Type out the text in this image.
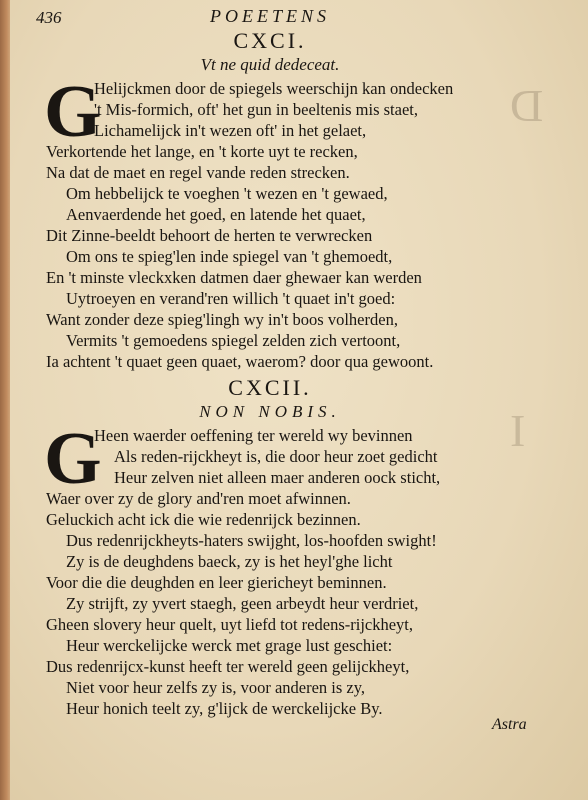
D
I
436	POEETENS
CXCI.
Vt ne quid dedeceat.
G
Helijckmen door de spiegels weerschijn kan ondecken
't Mis-formich, oft' het gun in beeltenis mis staet,
Lichamelijck in't wezen oft' in het gelaet,
Verkortende het lange, en 't korte uyt te recken,
Na dat de maet en regel vande reden strecken.
Om hebbelijck te voeghen 't wezen en 't gewaed,
Aenvaerdende het goed, en latende het quaet,
Dit Zinne-beeldt behoort de herten te verwrecken
Om ons te spieg'len inde spiegel van 't ghemoedt,
En 't minste vleckxken datmen daer ghewaer kan werden
Uytroeyen en verand'ren willich 't quaet in't goed:
Want zonder deze spieg'lingh wy in't boos volherden,
Vermits 't gemoedens spiegel zelden zich vertoont,
Ia achtent 't quaet geen quaet, waerom? door qua gewoont.
CXCII.
NON NOBIS.
G
Heen waerder oeffening ter wereld wy bevinnen
Als reden-rijckheyt is, die door heur zoet gedicht
Heur zelven niet alleen maer anderen oock sticht,
Waer over zy de glory and'ren moet afwinnen.
Geluckich acht ick die wie redenrijck bezinnen.
Dus redenrijckheyts-haters swijght, los-hoofden swight!
Zy is de deughdens baeck, zy is het heyl'ghe licht
Voor die die deughden en leer giericheyt beminnen.
Zy strijft, zy yvert staegh, geen arbeydt heur verdriet,
Gheen slovery heur quelt, uyt liefd tot redens-rijckheyt,
Heur werckelijcke werck met grage lust geschiet:
Dus redenrijcx-kunst heeft ter wereld geen gelijckheyt,
Niet voor heur zelfs zy is, voor anderen is zy,
Heur honich teelt zy, g'lijck de werckelijcke By.
Astra
